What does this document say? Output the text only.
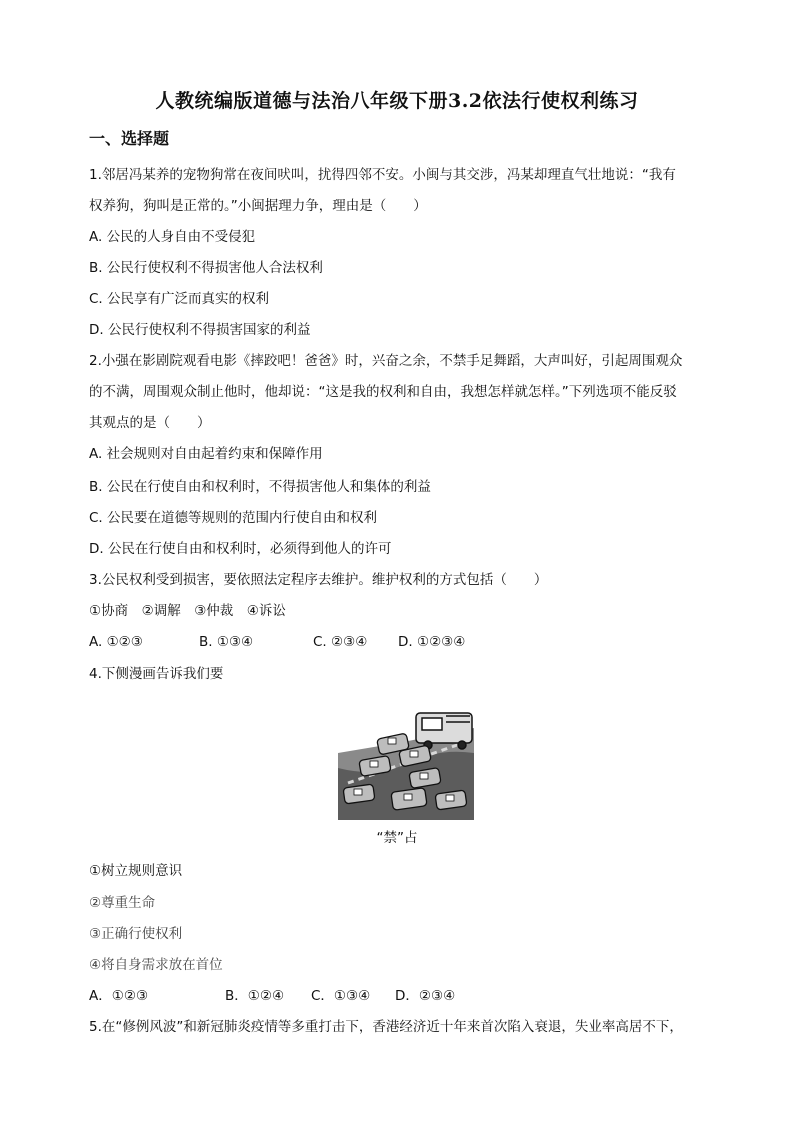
人教统编版道德与法治八年级下册3.2依法行使权利练习
一、选择题
1.邻居冯某养的宠物狗常在夜间吠叫，扰得四邻不安。小闽与其交涉，冯某却理直气壮地说：“我有
权养狗，狗叫是正常的。”小闽据理力争，理由是（　　）
A. 公民的人身自由不受侵犯
B. 公民行使权利不得损害他人合法权利
C. 公民享有广泛而真实的权利
D. 公民行使权利不得损害国家的利益
2.小强在影剧院观看电影《摔跤吧！爸爸》时，兴奋之余，不禁手足舞蹈，大声叫好，引起周围观众
的不满，周围观众制止他时，他却说：“这是我的权利和自由，我想怎样就怎样。”下列选项不能反驳
其观点的是（　　）
A. 社会规则对自由起着约束和保障作用
B. 公民在行使自由和权利时，不得损害他人和集体的利益
C. 公民要在道德等规则的范围内行使自由和权利
D. 公民在行使自由和权利时，必须得到他人的许可
3.公民权利受到损害，要依照法定程序去维护。维护权利的方式包括（　　）
①协商　②调解　③仲裁　④诉讼
A. ①②③	B. ①③④	C. ②③④ D. ①②③④
4.下侧漫画告诉我们要
“禁”占
①树立规则意识
②尊重生命
③正确行使权利
④将自身需求放在首位
A．①②③	B．①②④ C．①③④ D．②③④
5.在“修例风波”和新冠肺炎疫情等多重打击下，香港经济近十年来首次陷入衰退，失业率高居不下，
